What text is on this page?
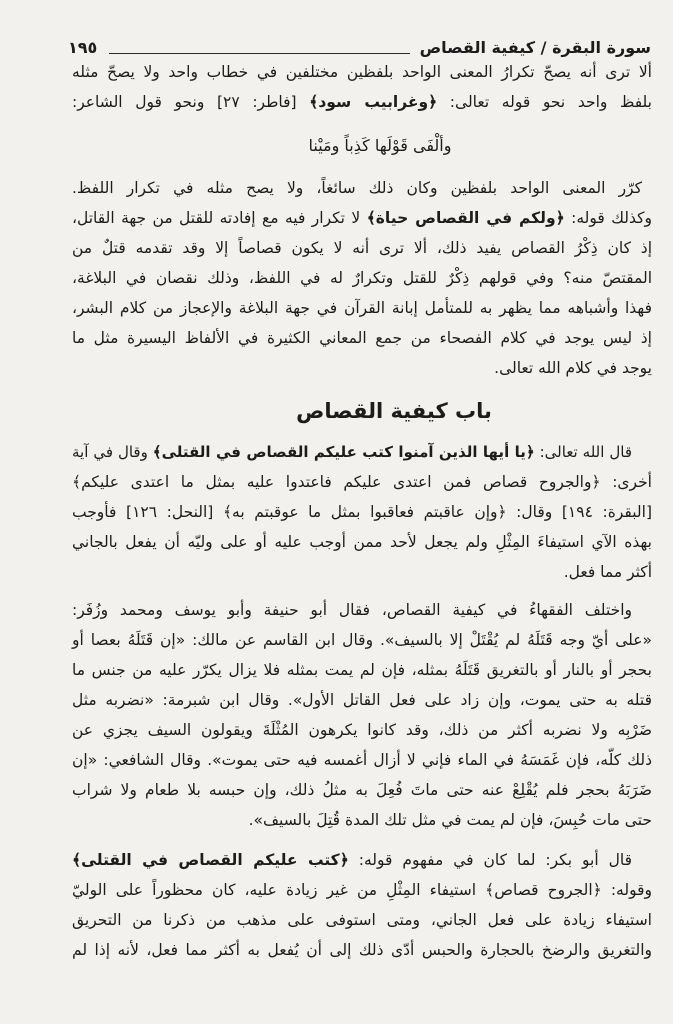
سورة البقرة / كيفية القصاص
١٩٥
ألا ترى أنه يصحّ تكرارُ المعنى الواحد بلفظين مختلفين في خطاب واحد ولا يصحّ مثله
بلفظ واحد نحو قوله تعالى: ﴿وغرابيب سود﴾ [فاطر: ٢٧] ونحو قول الشاعر:
وألْفَى قَوْلَها كَذِباً ومَيْنا
كرّر المعنى الواحد بلفظين وكان ذلك سائغاً، ولا يصح مثله في تكرار اللفظ.
وكذلك قوله: ﴿ولكم في القصاص حياة﴾ لا تكرار فيه مع إفادته للقتل من جهة القاتل،
إذ كان ذِكْرُ القصاص يفيد ذلك، ألا ترى أنه لا يكون قصاصاً إلا وقد تقدمه قتلٌ من
المقتصّ منه؟ وفي قولهم ذِكْرٌ للقتل وتكرارٌ له في اللفظ، وذلك نقصان في البلاغة،
فهذا وأشباهه مما يظهر به للمتأمل إبانة القرآن في جهة البلاغة والإعجاز من كلام البشر،
إذ ليس يوجد في كلام الفصحاء من جمع المعاني الكثيرة في الألفاظ اليسيرة مثل ما
يوجد في كلام الله تعالى.
باب كيفية القصاص
قال الله تعالى: ﴿يا أيها الذين آمنوا كتب عليكم القصاص في القتلى﴾ وقال في آية
أخرى: ﴿والجروح قصاص فمن اعتدى عليكم فاعتدوا عليه بمثل ما اعتدى عليكم﴾
[البقرة: ١٩٤] وقال: ﴿وإن عاقبتم فعاقبوا بمثل ما عوقبتم به﴾ [النحل: ١٢٦] فأوجب
بهذه الآي استيفاءَ المِثْلِ ولم يجعل لأحد ممن أوجب عليه أو على وليّه أن يفعل بالجاني
أكثر مما فعل.
واختلف الفقهاءُ في كيفية القصاص، فقال أبو حنيفة وأبو يوسف ومحمد وزُفَر:
«على أيّ وجه قَتَلَهُ لم يُقْتَلْ إلا بالسيف». وقال ابن القاسم عن مالك: «إن قَتَلَهُ بعصا أو
بحجر أو بالنار أو بالتغريق قَتَلَهُ بمثله، فإن لم يمت بمثله فلا يزال يكرّر عليه من جنس ما
قتله به حتى يموت، وإن زاد على فعل القاتل الأول». وقال ابن شبرمة: «نضربه مثل
ضَرْبِه ولا نضربه أكثر من ذلك، وقد كانوا يكرهون المُثْلَةَ ويقولون السيف يجزي عن
ذلك كلّه، فإن غَمَسَهُ في الماء فإني لا أزال أغمسه فيه حتى يموت». وقال الشافعي: «إن
ضَرَبَهُ بحجر فلم يُقْلِعْ عنه حتى ماتَ فُعِلَ به مثلُ ذلك، وإن حبسه بلا طعام ولا شراب
حتى مات حُبِسَ، فإن لم يمت في مثل تلك المدة قُتِلَ بالسيف».
قال أبو بكر: لما كان في مفهوم قوله: ﴿كتب عليكم القصاص في القتلى﴾
وقوله: ﴿الجروح قصاص﴾ استيفاء المِثْلِ من غير زيادة عليه، كان محظوراً على الوليّ
استيفاء زيادة على فعل الجاني، ومتى استوفى على مذهب من ذكرنا من التحريق
والتغريق والرضخ بالحجارة والحبس أدّى ذلك إلى أن يُفعل به أكثر مما فعل، لأنه إذا لم
